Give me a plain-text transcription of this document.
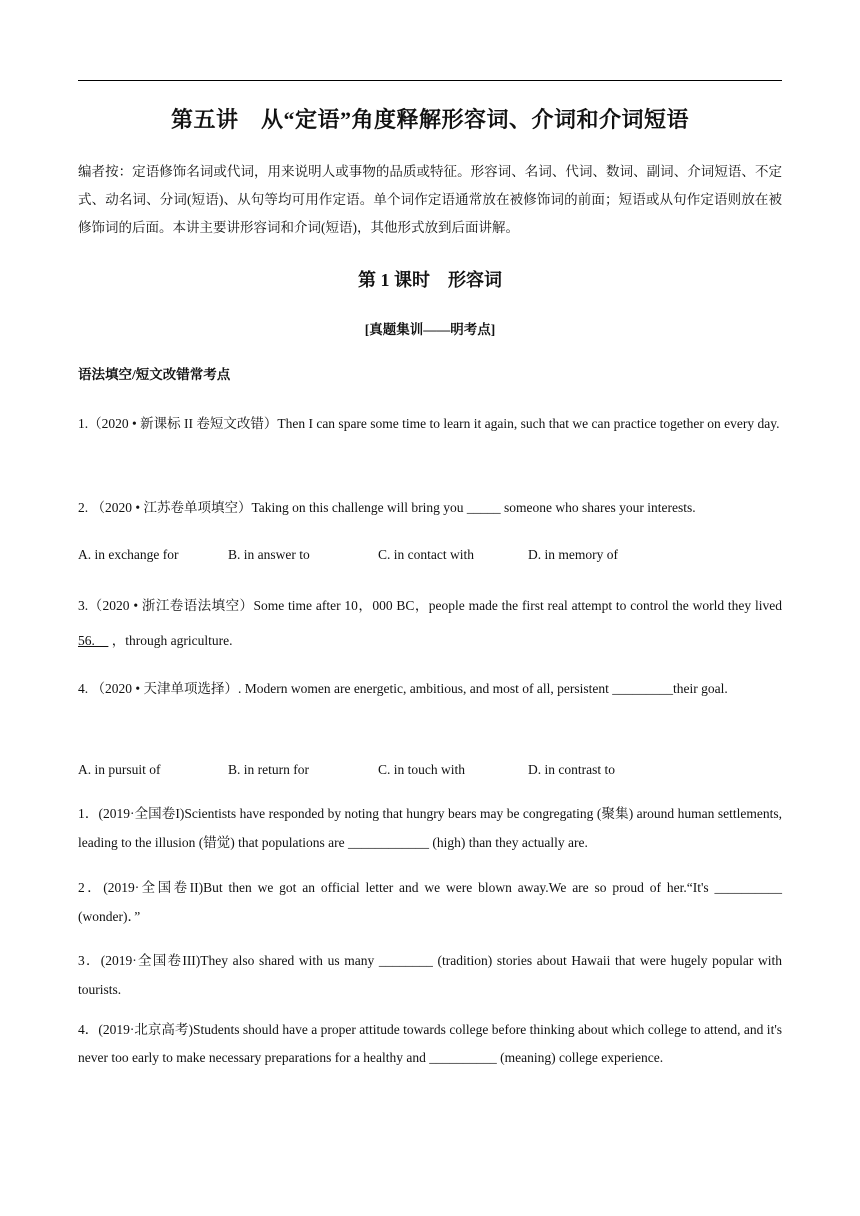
第五讲　从“定语”角度释解形容词、介词和介词短语
编者按：定语修饰名词或代词，用来说明人或事物的品质或特征。形容词、名词、代词、数词、副词、介词短语、不定式、动名词、分词(短语)、从句等均可用作定语。单个词作定语通常放在被修饰词的前面；短语或从句作定语则放在被修饰词的后面。本讲主要讲形容词和介词(短语)，其他形式放到后面讲解。
第 1 课时　形容词
[真题集训——明考点]
语法填空/短文改错常考点
1.（2020 • 新课标 II 卷短文改错）Then I can spare some time to learn it again, such that we can practice together on every day.
2. （2020 • 江苏卷单项填空）Taking on this challenge will bring you _____ someone who shares your interests.
A. in exchange for	B. in answer to	C. in contact with	D. in memory of
3.（2020 • 浙江卷语法填空）Some time after 10，000 BC，people made the first real attempt to control the world they lived 56.　 ，through agriculture.
4. （2020 • 天津单项选择）. Modern women are energetic, ambitious, and most of all, persistent _________their goal.
A. in pursuit of	B. in return for	C. in touch with	D. in contrast to
1．(2019·全国卷I)Scientists have responded by noting that hungry bears may be congregating (聚集) around human settlements, leading to the illusion (错觉) that populations are ____________ (high) than they actually are.
2．(2019·全国卷II)But then we got an official letter and we were blown away.We are so proud of her.“It's __________ (wonder)．”
3．(2019·全国卷III)They also shared with us many ________ (tradition) stories about Hawaii that were hugely popular with tourists.
4．(2019·北京高考)Students should have a proper attitude towards college before thinking about which college to attend, and it's never too early to make necessary preparations for a healthy and __________ (meaning) college experience.
